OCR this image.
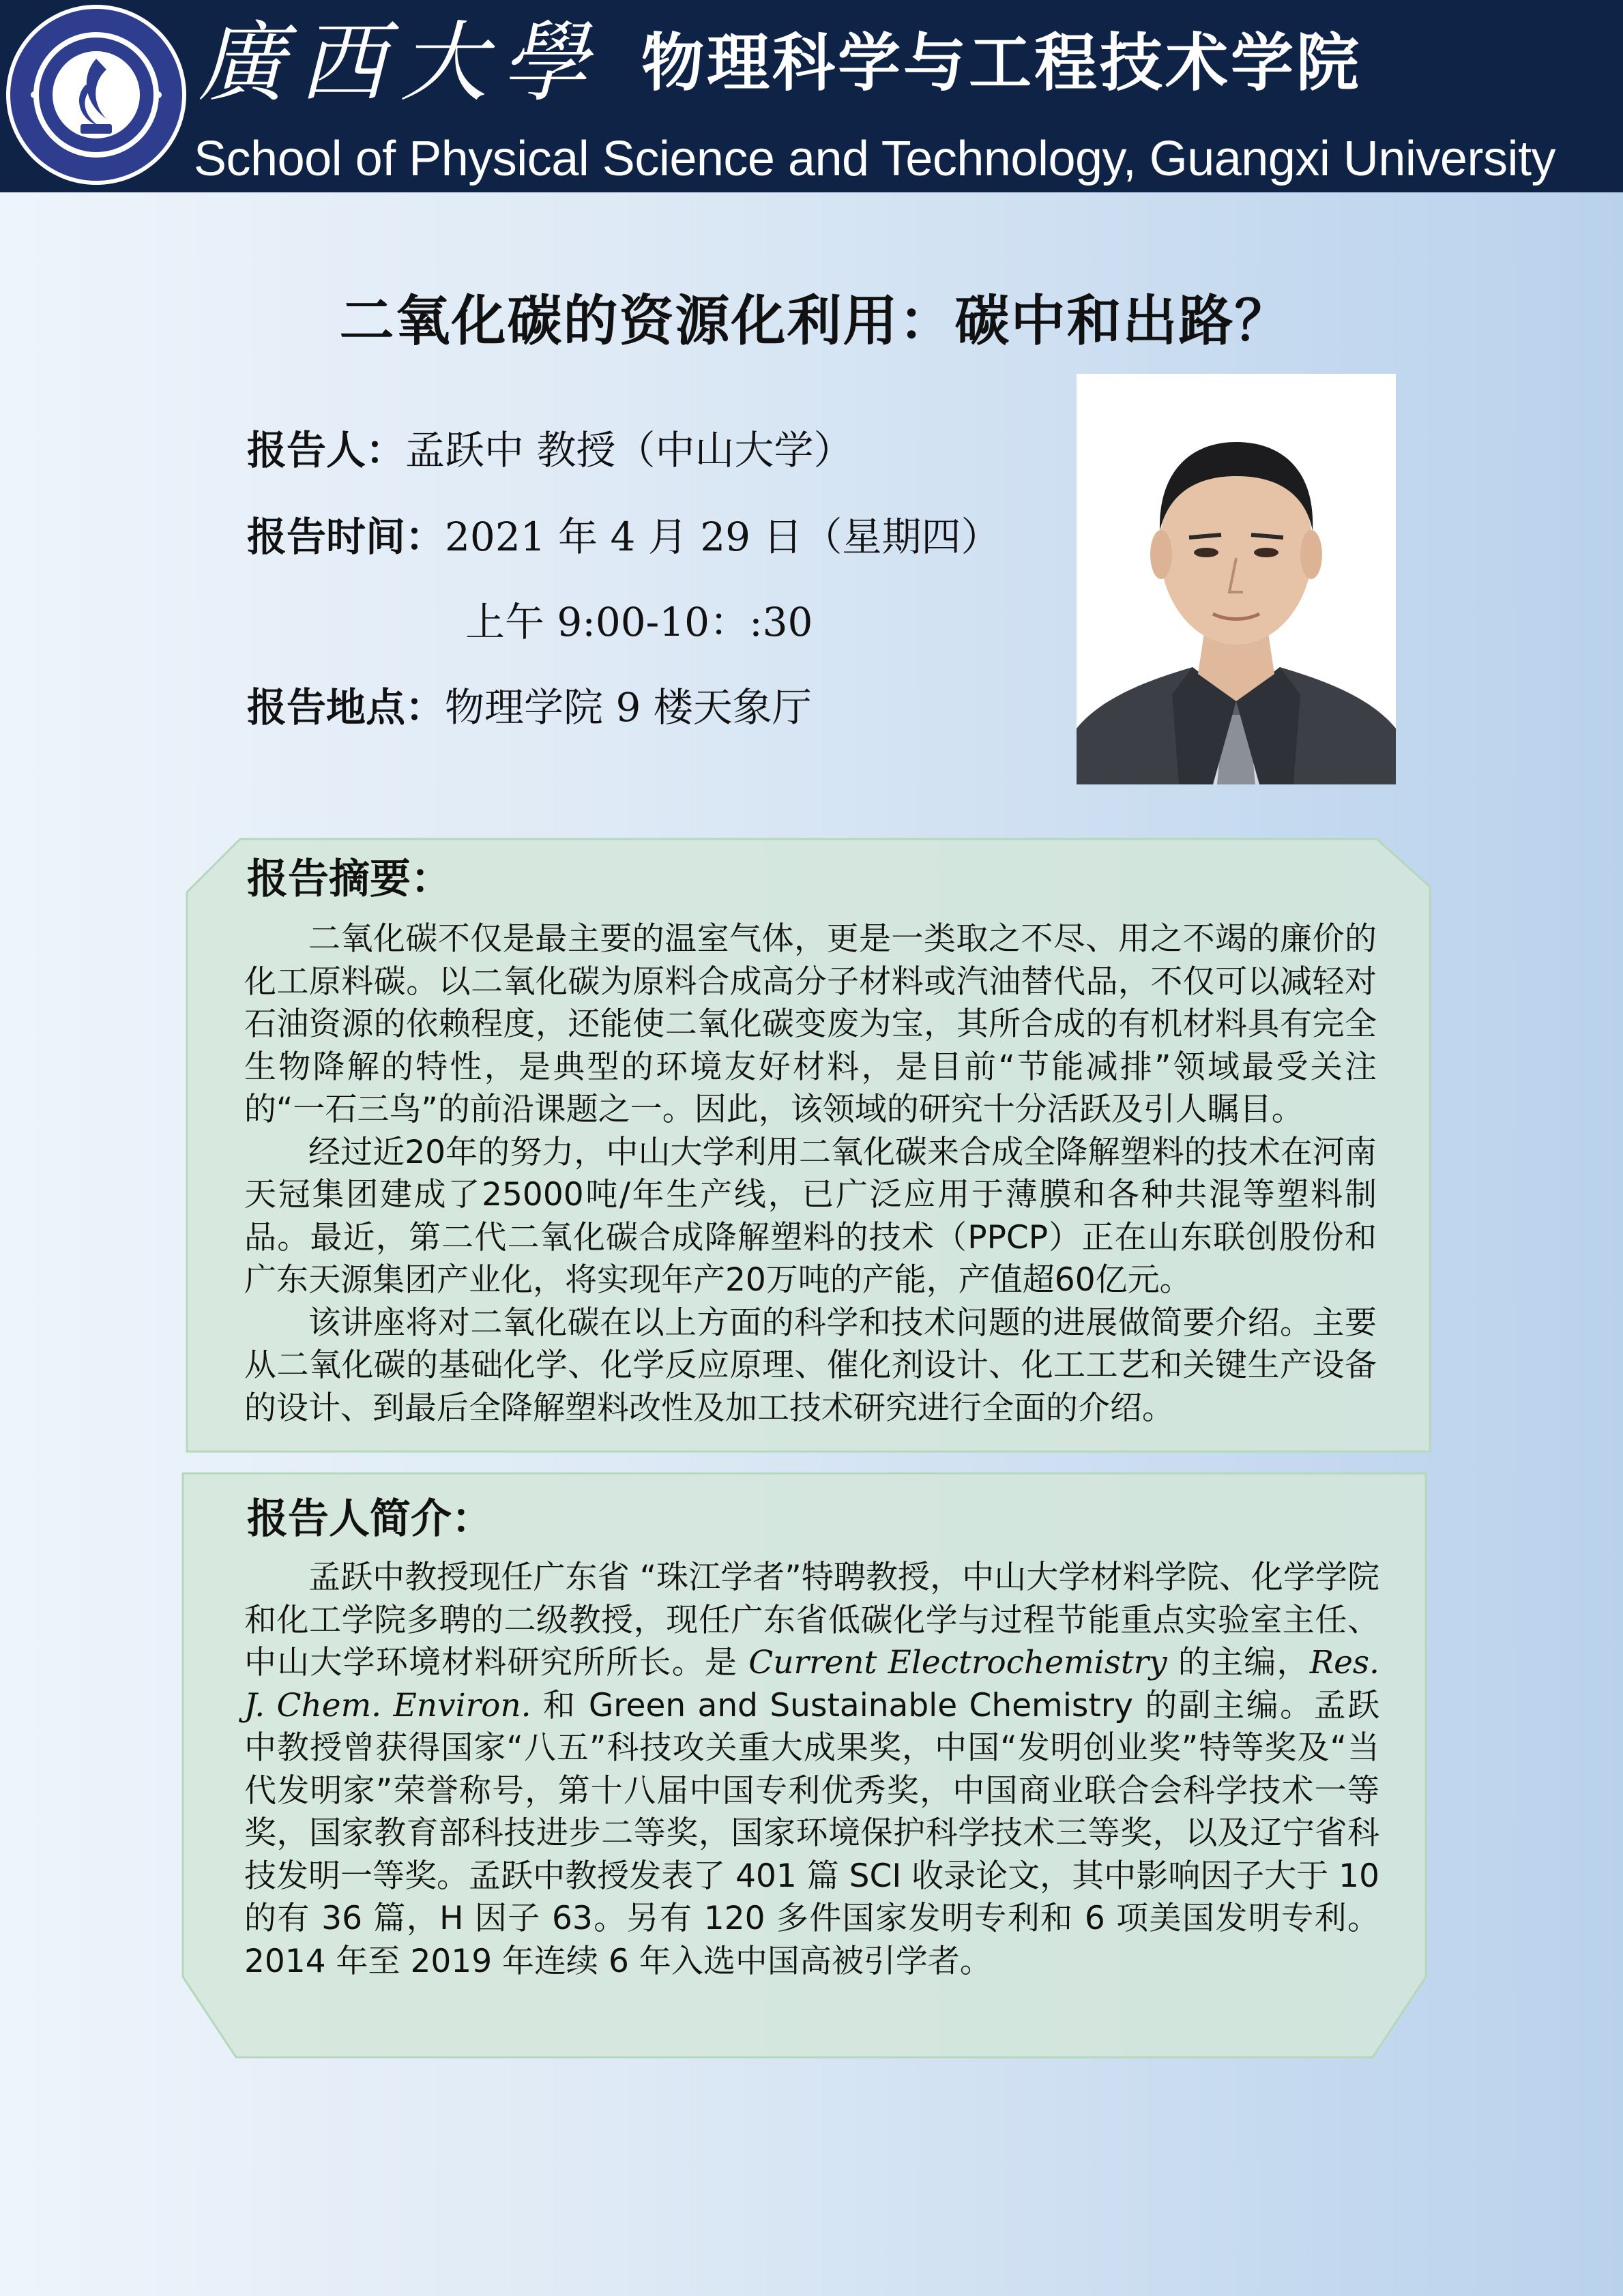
廣西大學 物理科学与工程技术学院
School of Physical Science and Technology, Guangxi University
二氧化碳的资源化利用：碳中和出路？
报告人：孟跃中 教授（中山大学）
报告时间：2021 年 4 月 29 日（星期四）
上午 9:00-10：:30
报告地点：物理学院 9 楼天象厅
报告摘要：

二氧化碳不仅是最主要的温室气体，更是一类取之不尽、用之不竭的廉价的化工原料碳。以二氧化碳为原料合成高分子材料或汽油替代品，不仅可以减轻对石油资源的依赖程度，还能使二氧化碳变废为宝，其所合成的有机材料具有完全生物降解的特性，是典型的环境友好材料，是目前“节能减排”领域最受关注的“一石三鸟”的前沿课题之一。因此，该领域的研究十分活跃及引人瞩目。

经过近20年的努力，中山大学利用二氧化碳来合成全降解塑料的技术在河南天冠集团建成了25000吨/年生产线，已广泛应用于薄膜和各种共混等塑料制品。最近，第二代二氧化碳合成降解塑料的技术（PPCP）正在山东联创股份和广东天源集团产业化，将实现年产20万吨的产能，产值超60亿元。

该讲座将对二氧化碳在以上方面的科学和技术问题的进展做简要介绍。主要从二氧化碳的基础化学、化学反应原理、催化剂设计、化工工艺和关键生产设备的设计、到最后全降解塑料改性及加工技术研究进行全面的介绍。

报告人简介：

孟跃中教授现任广东省 “珠江学者”特聘教授，中山大学材料学院、化学学院和化工学院多聘的二级教授，现任广东省低碳化学与过程节能重点实验室主任、中山大学环境材料研究所所长。是 Current Electrochemistry 的主编，Res. J. Chem. Environ. 和 Green and Sustainable Chemistry 的副主编。孟跃中教授曾获得国家“八五”科技攻关重大成果奖，中国“发明创业奖”特等奖及“当代发明家”荣誉称号，第十八届中国专利优秀奖，中国商业联合会科学技术一等奖，国家教育部科技进步二等奖，国家环境保护科学技术三等奖，以及辽宁省科技发明一等奖。孟跃中教授发表了 401 篇 SCI 收录论文，其中影响因子大于 10 的有 36 篇，H 因子 63。另有 120 多件国家发明专利和 6 项美国发明专利。2014 年至 2019 年连续 6 年入选中国高被引学者。
